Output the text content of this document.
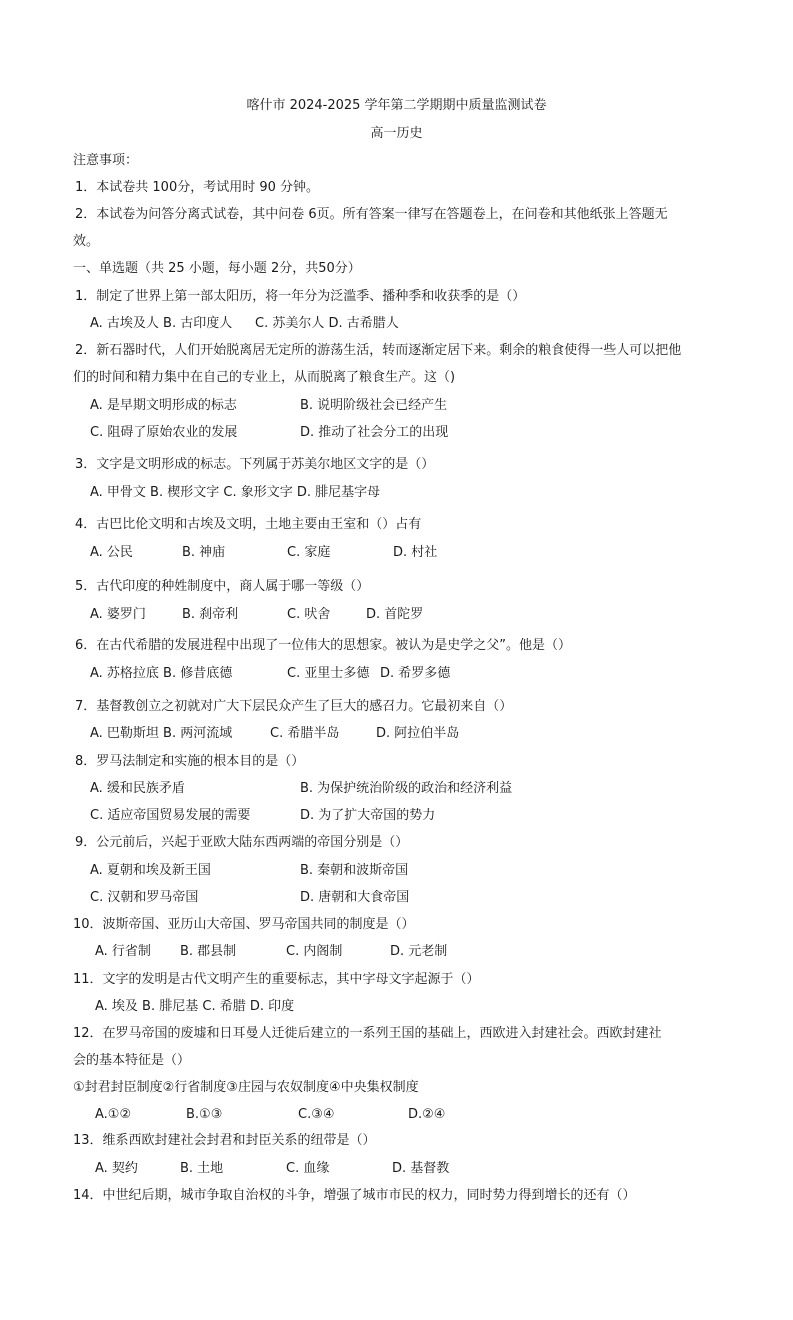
喀什市 2024-2025 学年第二学期期中质量监测试卷
高一历史
注意事项：
1．本试卷共 100分，考试用时 90 分钟。
2．本试卷为问答分离式试卷，其中问卷 6页。所有答案一律写在答题卷上，在问卷和其他纸张上答题无
效。
一、单选题（共 25 小题，每小题 2分，共50分）
1．制定了世界上第一部太阳历，将一年分为泛滥季、播种季和收获季的是（）
A. 古埃及人 B. 古印度人 C. 苏美尔人 D. 古希腊人
2．新石器时代，人们开始脱离居无定所的游荡生活，转而逐渐定居下来。剩余的粮食使得一些人可以把他
们的时间和精力集中在自己的专业上，从而脱离了粮食生产。这（)
A. 是早期文明形成的标志	B. 说明阶级社会已经产生
C. 阻碍了原始农业的发展	D. 推动了社会分工的出现
3．文字是文明形成的标志。下列属于苏美尔地区文字的是（）
A. 甲骨文 B. 楔形文字 C. 象形文字 D. 腓尼基字母
4．古巴比伦文明和古埃及文明，土地主要由王室和（）占有
A. 公民	B. 神庙	C. 家庭	D. 村社
5．古代印度的种姓制度中，商人属于哪一等级（）
A. 婆罗门	B. 刹帝利	C. 吠舍	D. 首陀罗
6．在古代希腊的发展进程中出现了一位伟大的思想家。被认为是史学之父”。他是（）
A. 苏格拉底 B. 修昔底德	C. 亚里士多德 D. 希罗多德
7．基督教创立之初就对广大下层民众产生了巨大的感召力。它最初来自（）
A. 巴勒斯坦 B. 两河流域	C. 希腊半岛	D. 阿拉伯半岛
8．罗马法制定和实施的根本目的是（）
A. 缓和民族矛盾	B. 为保护统治阶级的政治和经济利益
C. 适应帝国贸易发展的需要	D. 为了扩大帝国的势力
9．公元前后，兴起于亚欧大陆东西两端的帝国分别是（）
A. 夏朝和埃及新王国	B. 秦朝和波斯帝国
C. 汉朝和罗马帝国	D. 唐朝和大食帝国
10．波斯帝国、亚历山大帝国、罗马帝国共同的制度是（）
A. 行省制 B. 郡县制	C. 内阁制	D. 元老制
11．文字的发明是古代文明产生的重要标志，其中字母文字起源于（）
A. 埃及 B. 腓尼基 C. 希腊 D. 印度
12．在罗马帝国的废墟和日耳曼人迁徙后建立的一系列王国的基础上，西欧进入封建社会。西欧封建社
会的基本特征是（）
①封君封臣制度②行省制度③庄园与农奴制度④中央集权制度
A.①②	B.①③	C.③④	D.②④
13．维系西欧封建社会封君和封臣关系的纽带是（）
A. 契约	B. 土地	C. 血缘	D. 基督教
14．中世纪后期，城市争取自治权的斗争，增强了城市市民的权力，同时势力得到增长的还有（）
